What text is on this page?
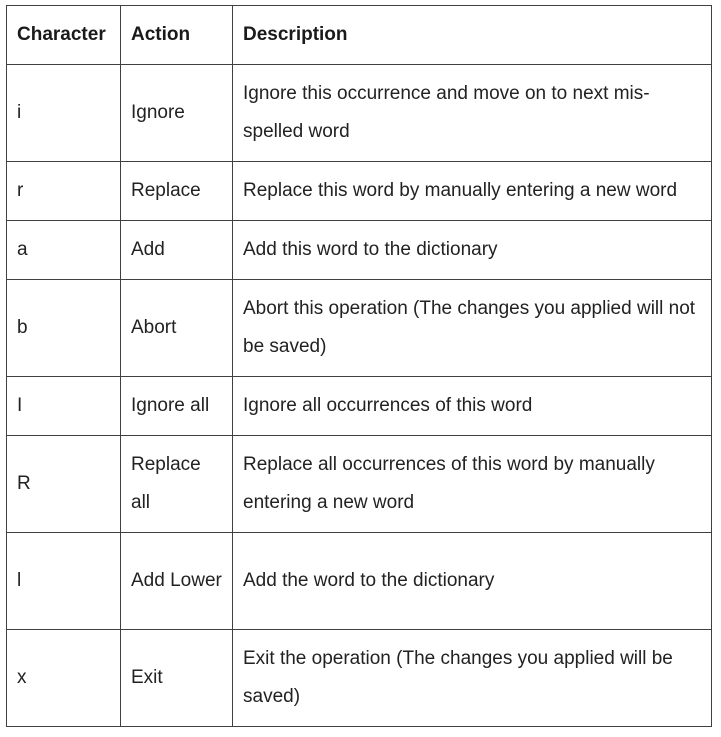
Character	Action	Description
i	Ignore	Ignore this occurrence and move on to next mis-spelled word
r	Replace	Replace this word by manually entering a new word
a	Add	Add this word to the dictionary
b	Abort	Abort this operation (The changes you applied will not be saved)
I	Ignore all	Ignore all occurrences of this word
R	Replace all	Replace all occurrences of this word by manually entering a new word
l	Add Lower	Add the word to the dictionary
x	Exit	Exit the operation (The changes you applied will be saved)
